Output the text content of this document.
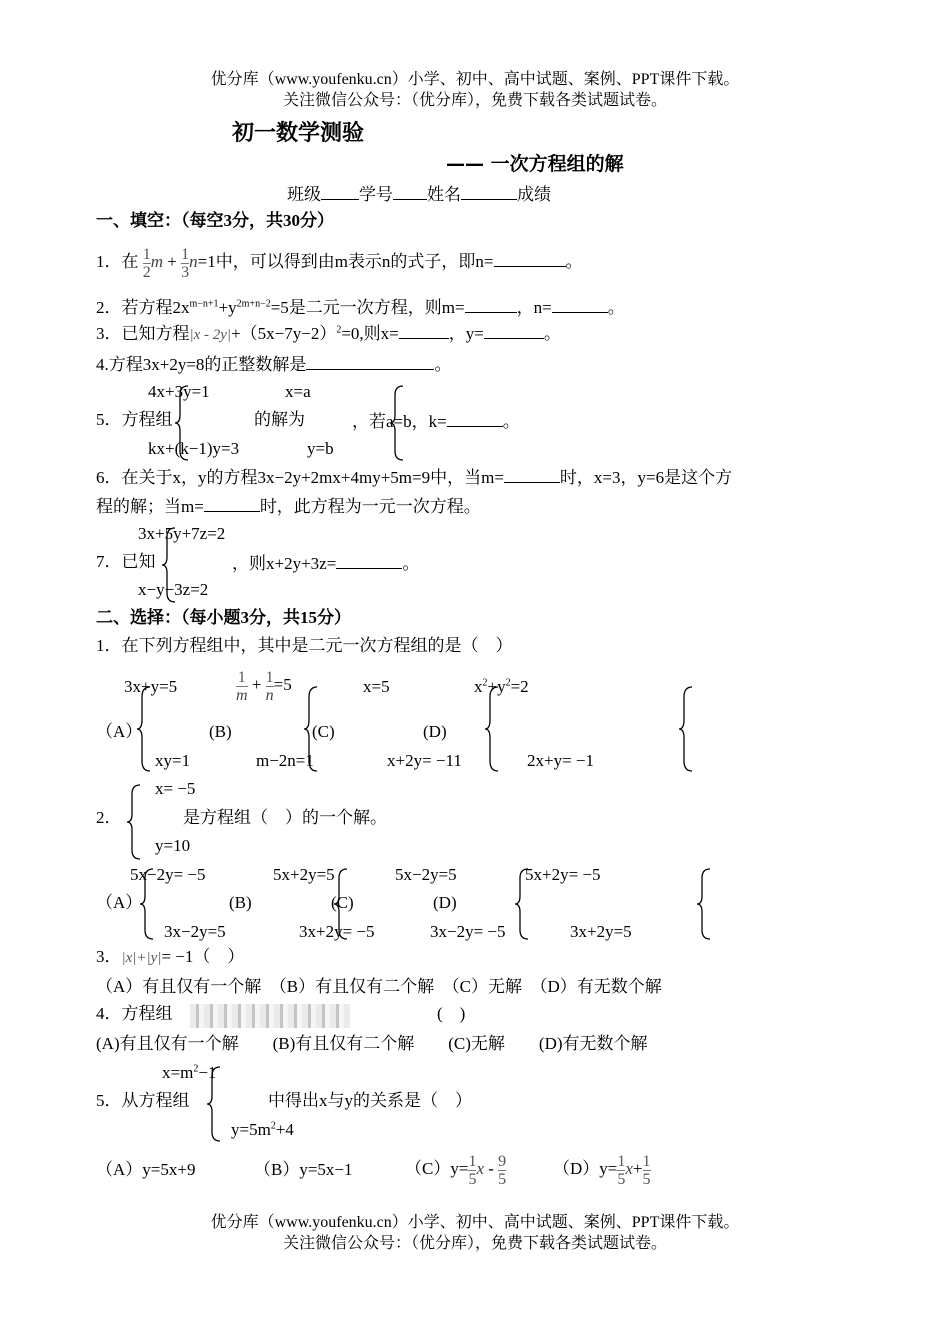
优分库（www.youfenku.cn）小学、初中、高中试题、案例、PPT课件下载。
关注微信公众号：（优分库），免费下载各类试题试卷。
初一数学测验
—— 一次方程组的解
班级 学号 姓名	成绩
一、填空：（每空3分，共30分）
1．在 $\frac{1}{2}$ $m + \frac{1}{3} n=1$中，可以得到由m表示n的式子，即n=	。
2．若方程$2x^{m-n+1}+y^{2m+n-2}=5$是二元一次方程，则m=	，n=	。
3．已知方程$|x - 2y|+(5x-7y-2)^2=0$,则x=	，y=	。
4.方程3x+2y=8的正整数解是	。
4x+3y=1	x=a
5．方程组	的解为	，若a=b，k=	。
kx+(k−1)y=3	y=b
6．在关于x，y的方程3x−2y+2mx+4my+5m=9中，当m=	时，x=3，y=6是这个方
程的解；当m=	时，此方程为一元一次方程。
3x+5y+7z=2
7．已知	，则x+2y+3z=	。
x−y−3z=2
二、选择：（每小题3分，共15分）
1．在下列方程组中，其中是二元一次方程组的是（　）
3x+y=5	$\frac{1}{m} + \frac{1}{n} =5$	x=5	$x^2+y^2=2$
（A）	(B)	(C)	(D)
xy=1	m−2n=1	x+2y= −11	2x+y= −1
x= −5
2．	是方程组（　）的一个解。
y=10
5x−2y= −5	5x+2y=5	5x−2y=5	5x+2y= −5
（A）	(B)	(C)	(D)
3x−2y=5	3x+2y= −5	3x−2y= −5	3x+2y=5
3．|x|+|y|= −1（　）
（A）有且仅有一个解　（B）有且仅有二个解　（C）无解　（D）有无数个解
4．方程组	(　)
(A)有且仅有一个解　　(B)有且仅有二个解　　(C)无解　　(D)有无数个解
$x=m^2-1$
5．从方程组	中得出x与y的关系是（　）
$y=5m^2+4$
（A）y=5x+9	（B）y=5x−1	$(C)y= \frac{1}{5}$ x - $\frac{9}{5}$	$(D)y= \frac{1}{5} x+ \frac{1}{5}$
优分库（www.youfenku.cn）小学、初中、高中试题、案例、PPT课件下载。
关注微信公众号：（优分库），免费下载各类试题试卷。
